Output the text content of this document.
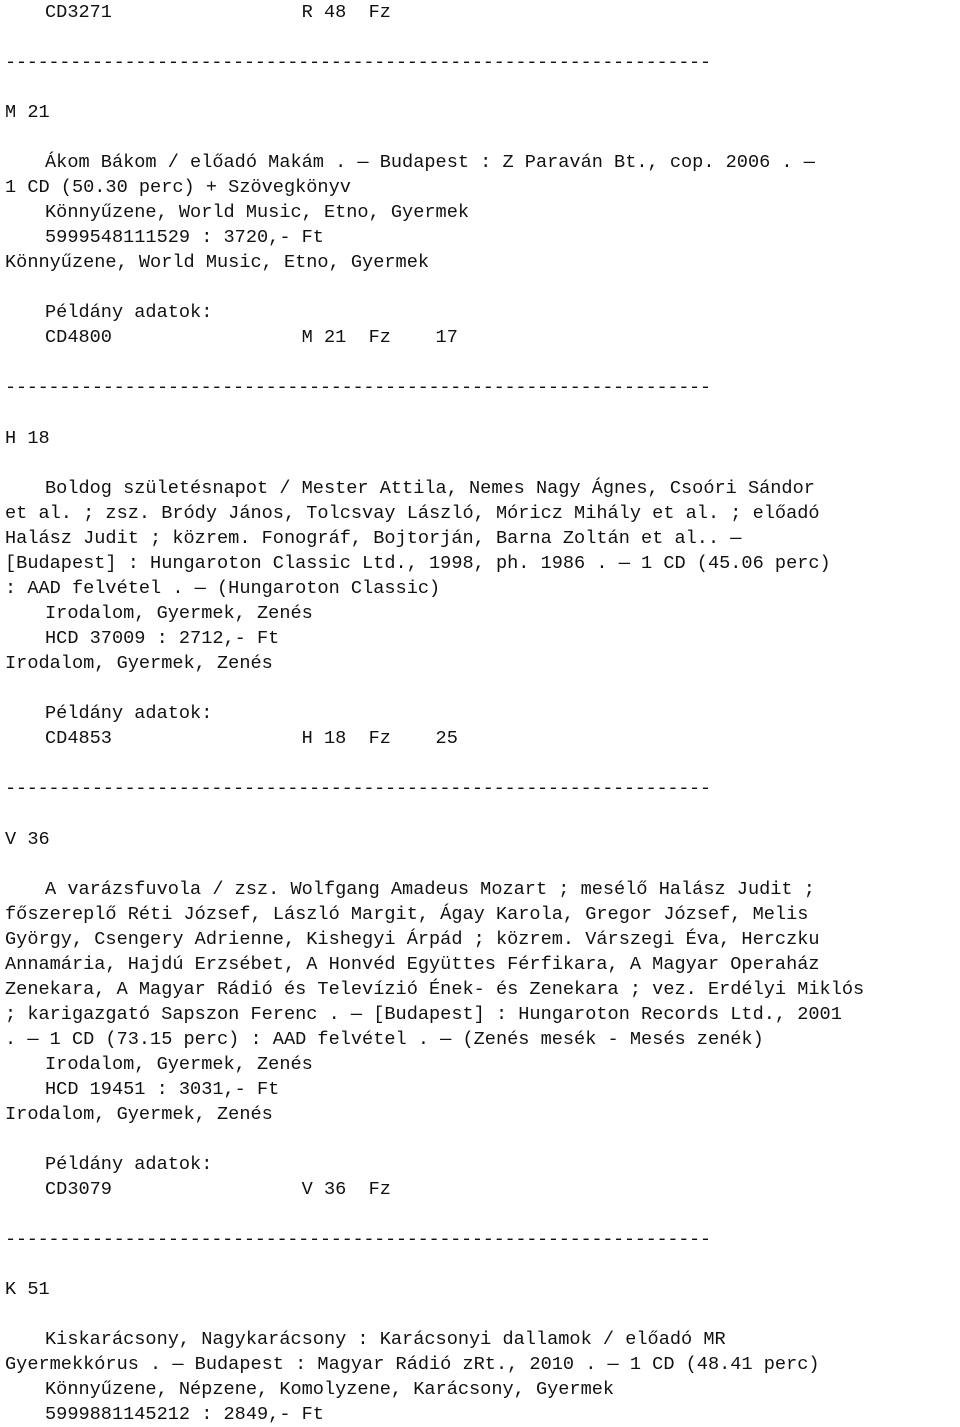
CD3271                 R 48  Fz
-----------------------------------------------------------------
M 21
Ákom Bákom / előadó Makám . — Budapest : Z Paraván Bt., cop. 2006 . —
1 CD (50.30 perc) + Szövegkönyv
Könnyűzene, World Music, Etno, Gyermek
5999548111529 : 3720,- Ft
Könnyűzene, World Music, Etno, Gyermek
Példány adatok:
CD4800                 M 21  Fz    17
-----------------------------------------------------------------
H 18
Boldog születésnapot / Mester Attila, Nemes Nagy Ágnes, Csoóri Sándor
et al. ; zsz. Bródy János, Tolcsvay László, Móricz Mihály et al. ; előadó
Halász Judit ; közrem. Fonográf, Bojtorján, Barna Zoltán et al.. —
[Budapest] : Hungaroton Classic Ltd., 1998, ph. 1986 . — 1 CD (45.06 perc)
: AAD felvétel . — (Hungaroton Classic)
Irodalom, Gyermek, Zenés
HCD 37009 : 2712,- Ft
Irodalom, Gyermek, Zenés
Példány adatok:
CD4853                 H 18  Fz    25
-----------------------------------------------------------------
V 36
A varázsfuvola / zsz. Wolfgang Amadeus Mozart ; mesélő Halász Judit ;
főszereplő Réti József, László Margit, Ágay Karola, Gregor József, Melis
György, Csengery Adrienne, Kishegyi Árpád ; közrem. Várszegi Éva, Herczku
Annamária, Hajdú Erzsébet, A Honvéd Együttes Férfikara, A Magyar Operaház
Zenekara, A Magyar Rádió és Televízió Ének- és Zenekara ; vez. Erdélyi Miklós
; karigazgató Sapszon Ferenc . — [Budapest] : Hungaroton Records Ltd., 2001
. — 1 CD (73.15 perc) : AAD felvétel . — (Zenés mesék - Mesés zenék)
Irodalom, Gyermek, Zenés
HCD 19451 : 3031,- Ft
Irodalom, Gyermek, Zenés
Példány adatok:
CD3079                 V 36  Fz
-----------------------------------------------------------------
K 51
Kiskarácsony, Nagykarácsony : Karácsonyi dallamok / előadó MR
Gyermekkórus . — Budapest : Magyar Rádió zRt., 2010 . — 1 CD (48.41 perc)
Könnyűzene, Népzene, Komolyzene, Karácsony, Gyermek
5999881145212 : 2849,- Ft
